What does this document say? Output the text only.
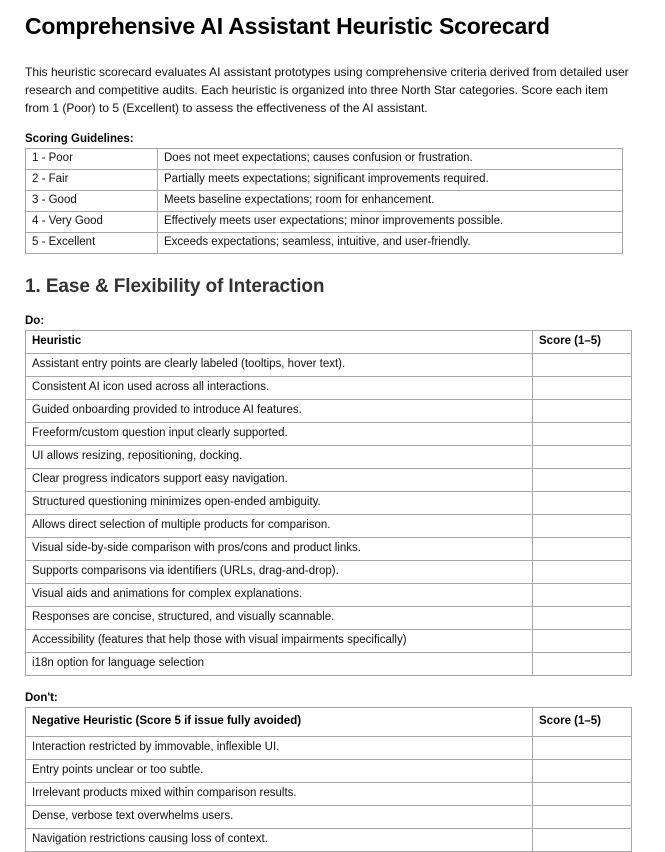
Comprehensive AI Assistant Heuristic Scorecard

This heuristic scorecard evaluates AI assistant prototypes using comprehensive criteria derived from detailed user research and competitive audits. Each heuristic is organized into three North Star categories. Score each item from 1 (Poor) to 5 (Excellent) to assess the effectiveness of the AI assistant.

Scoring Guidelines:
1 - Poor	Does not meet expectations; causes confusion or frustration.
2 - Fair	Partially meets expectations; significant improvements required.
3 - Good	Meets baseline expectations; room for enhancement.
4 - Very Good	Effectively meets user expectations; minor improvements possible.
5 - Excellent	Exceeds expectations; seamless, intuitive, and user-friendly.
1. Ease & Flexibility of Interaction
Do:
Heuristic	Score (1–5)
Assistant entry points are clearly labeled (tooltips, hover text).	
Consistent AI icon used across all interactions.	
Guided onboarding provided to introduce AI features.	
Freeform/custom question input clearly supported.	
UI allows resizing, repositioning, docking.	
Clear progress indicators support easy navigation.	
Structured questioning minimizes open-ended ambiguity.	
Allows direct selection of multiple products for comparison.	
Visual side-by-side comparison with pros/cons and product links.	
Supports comparisons via identifiers (URLs, drag-and-drop).	
Visual aids and animations for complex explanations.	
Responses are concise, structured, and visually scannable.	
Accessibility (features that help those with visual impairments specifically)	
i18n option for language selection	
Don't:
Negative Heuristic (Score 5 if issue fully avoided)	Score (1–5)
Interaction restricted by immovable, inflexible UI.	
Entry points unclear or too subtle.	
Irrelevant products mixed within comparison results.	
Dense, verbose text overwhelms users.	
Navigation restrictions causing loss of context.	
